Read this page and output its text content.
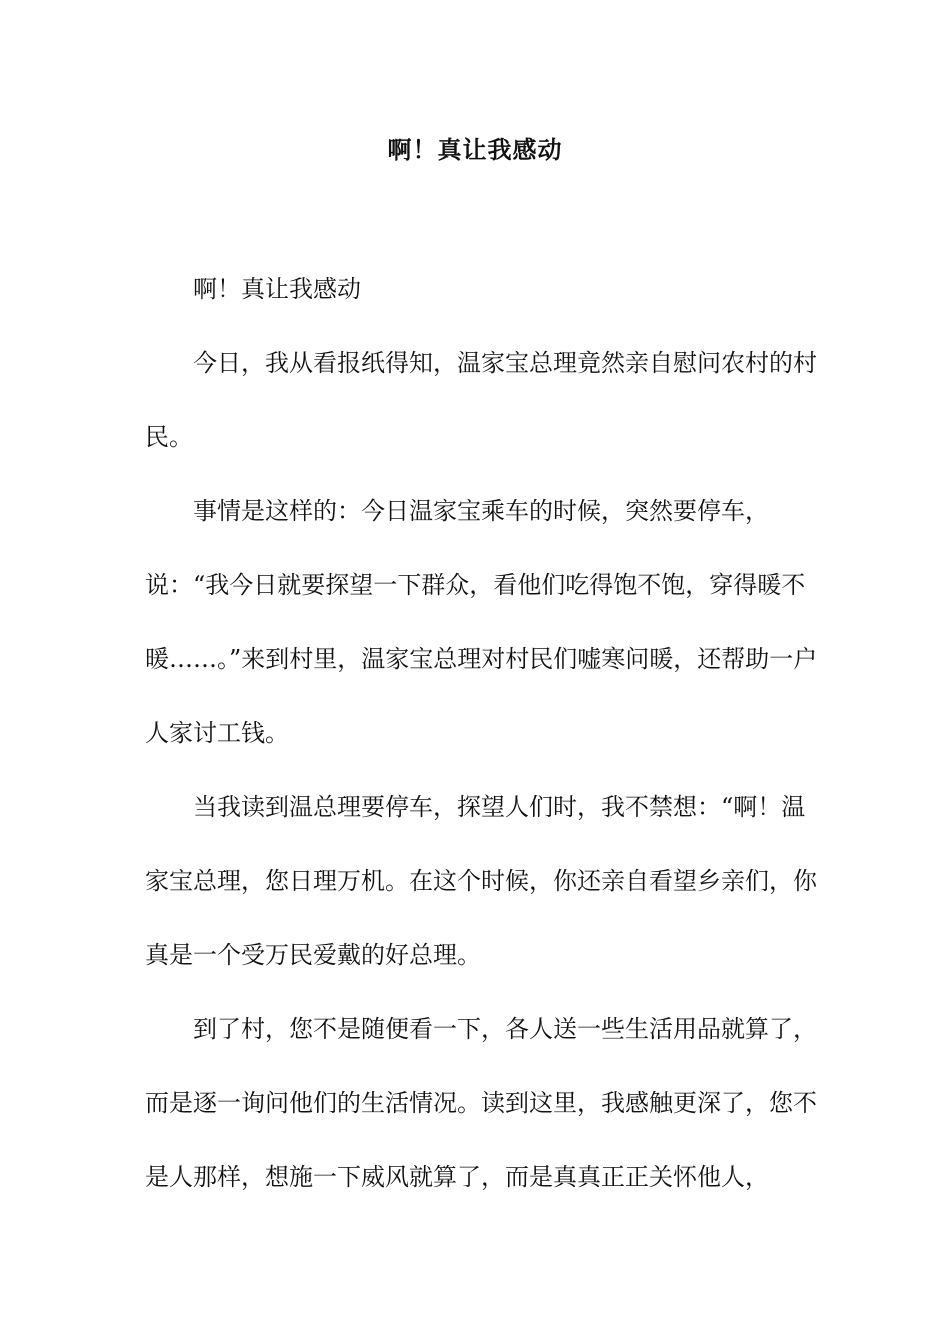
啊！真让我感动

啊！真让我感动

今日，我从看报纸得知，温家宝总理竟然亲自慰问农村的村民。

事情是这样的：今日温家宝乘车的时候，突然要停车，说：“我今日就要探望一下群众，看他们吃得饱不饱，穿得暖不暖……。”来到村里，温家宝总理对村民们嘘寒问暖，还帮助一户人家讨工钱。

当我读到温总理要停车，探望人们时，我不禁想：“啊！温家宝总理，您日理万机。在这个时候，你还亲自看望乡亲们，你真是一个受万民爱戴的好总理。

到了村，您不是随便看一下，各人送一些生活用品就算了，而是逐一询问他们的生活情况。读到这里，我感触更深了，您不是人那样，想施一下威风就算了，而是真真正正关怀他人，
